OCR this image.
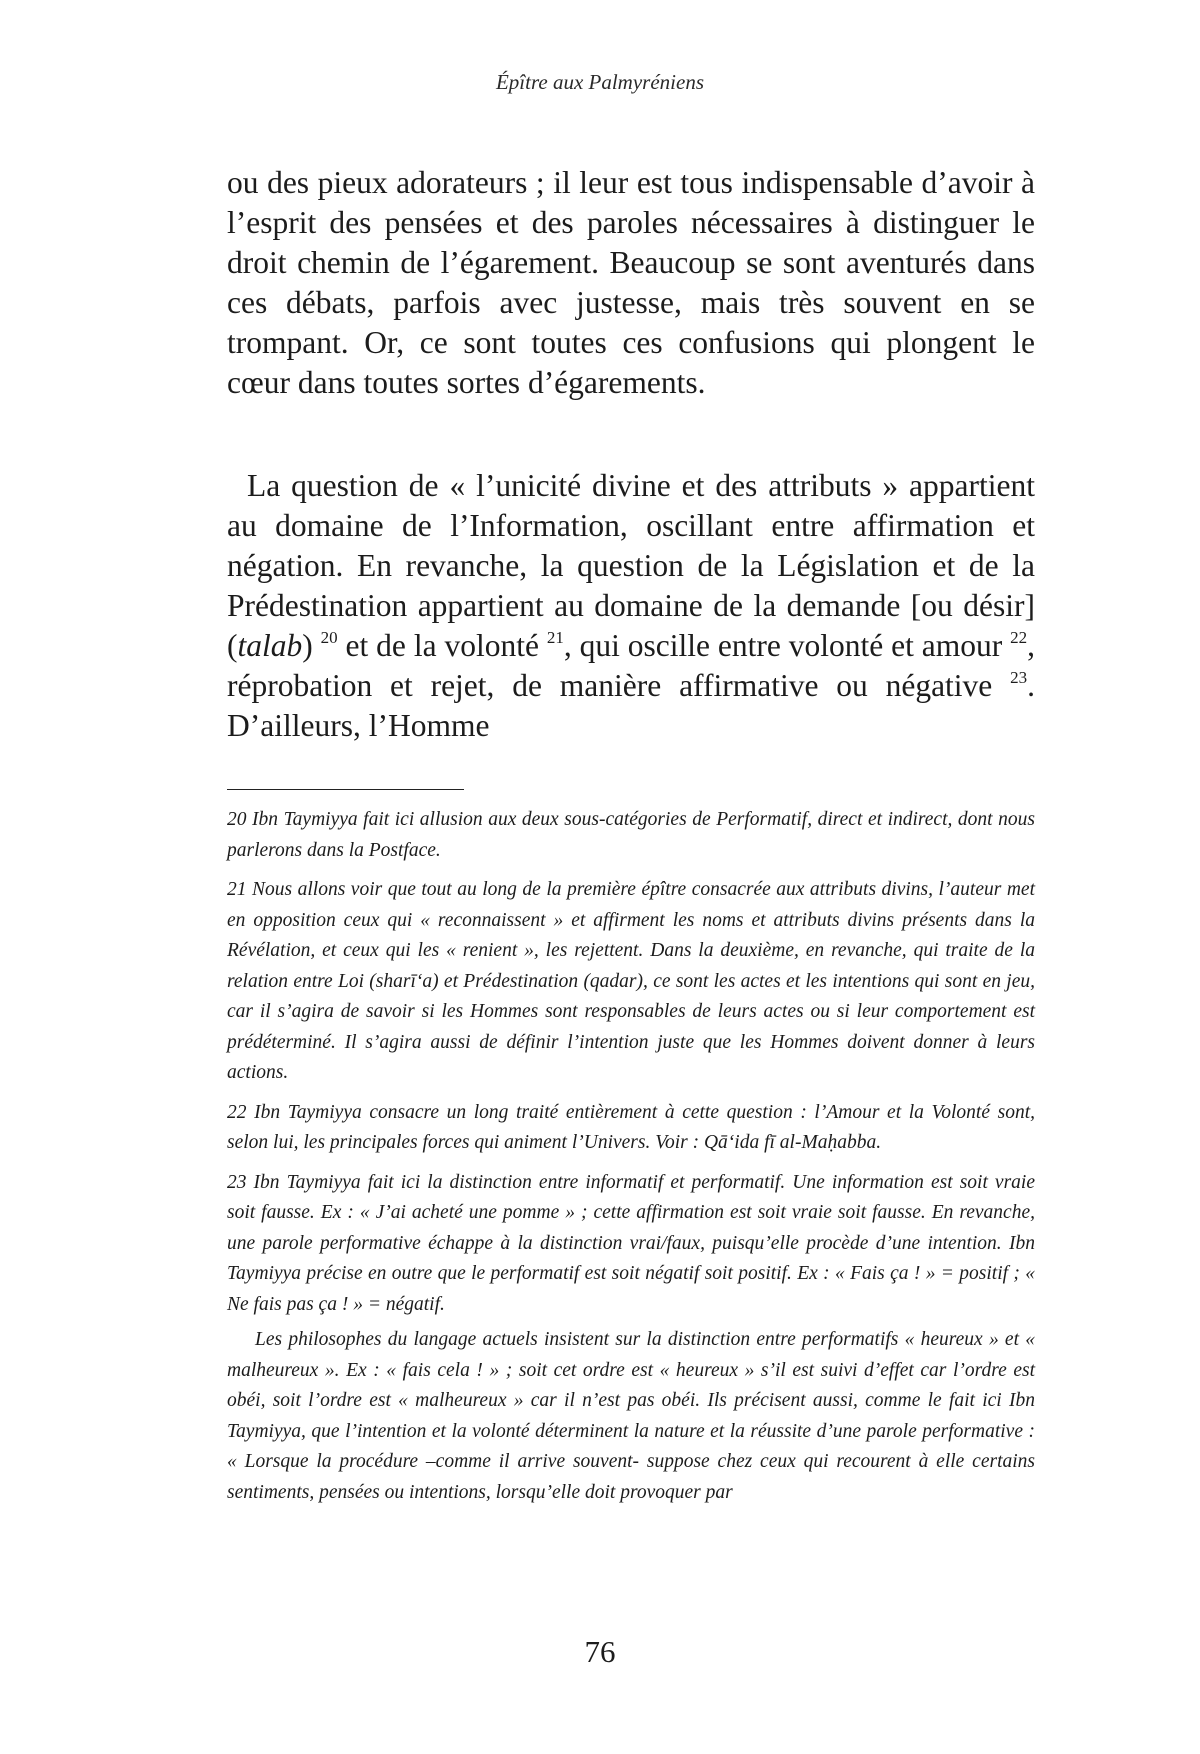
Épître aux Palmyréniens

ou des pieux adorateurs ; il leur est tous indispensable d’avoir à l’esprit des pensées et des paroles nécessaires à distinguer le droit chemin de l’égarement. Beaucoup se sont aventurés dans ces débats, parfois avec justesse, mais très souvent en se trompant. Or, ce sont toutes ces confusions qui plongent le cœur dans toutes sortes d’égarements.

La question de « l’unicité divine et des attributs » appartient au domaine de l’Information, oscillant entre affirmation et négation. En revanche, la question de la Législation et de la Prédestination appartient au domaine de la demande [ou désir] (talab) $^{20}$ et de la volonté $^{21}$, qui oscille entre volonté et amour $^{22}$, réprobation et rejet, de manière affirmative ou négative $^{23}$. D’ailleurs, l’Homme

20 Ibn Taymiyya fait ici allusion aux deux sous-catégories de Performatif, direct et indirect, dont nous parlerons dans la Postface.

21 Nous allons voir que tout au long de la première épître consacrée aux attributs divins, l’auteur met en opposition ceux qui « reconnaissent » et affirment les noms et attributs divins présents dans la Révélation, et ceux qui les « renient », les rejettent. Dans la deuxième, en revanche, qui traite de la relation entre Loi (sharī‘a) et Prédestination (qadar), ce sont les actes et les intentions qui sont en jeu, car il s’agira de savoir si les Hommes sont responsables de leurs actes ou si leur comportement est prédéterminé. Il s’agira aussi de définir l’intention juste que les Hommes doivent donner à leurs actions.

22 Ibn Taymiyya consacre un long traité entièrement à cette question : l’Amour et la Volonté sont, selon lui, les principales forces qui animent l’Univers. Voir : Qā‘ida fī al-Maḥabba.

23 Ibn Taymiyya fait ici la distinction entre informatif et performatif. Une information est soit vraie soit fausse. Ex : « J’ai acheté une pomme » ; cette affirmation est soit vraie soit fausse. En revanche, une parole performative échappe à la distinction vrai/faux, puisqu’elle procède d’une intention. Ibn Taymiyya précise en outre que le performatif est soit négatif soit positif. Ex : « Fais ça ! » = positif ; « Ne fais pas ça ! » = négatif.

Les philosophes du langage actuels insistent sur la distinction entre performatifs « heureux » et « malheureux ». Ex : « fais cela ! » ; soit cet ordre est « heureux » s’il est suivi d’effet car l’ordre est obéi, soit l’ordre est « malheureux » car il n’est pas obéi. Ils précisent aussi, comme le fait ici Ibn Taymiyya, que l’intention et la volonté déterminent la nature et la réussite d’une parole performative : « Lorsque la procédure –comme il arrive souvent- suppose chez ceux qui recourent à elle certains sentiments, pensées ou intentions, lorsqu’elle doit provoquer par

76
